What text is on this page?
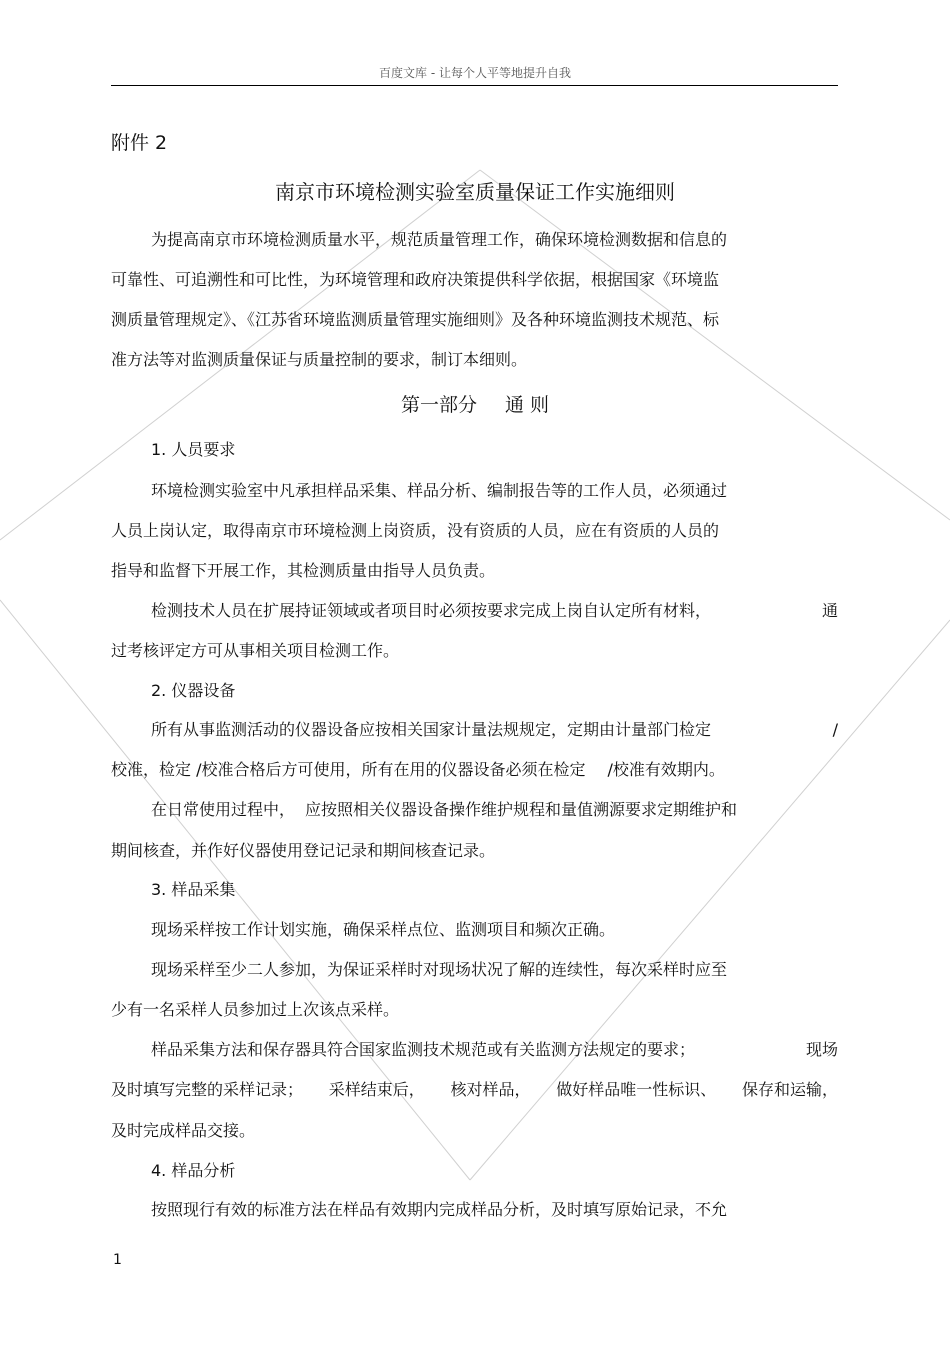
百度文库 - 让每个人平等地提升自我
附件 2
南京市环境检测实验室质量保证工作实施细则
为提高南京市环境检测质量水平，规范质量管理工作，确保环境检测数据和信息的
可靠性、可追溯性和可比性，为环境管理和政府决策提供科学依据，根据国家《环境监
测质量管理规定》、《江苏省环境监测质量管理实施细则》及各种环境监测技术规范、标
准方法等对监测质量保证与质量控制的要求，制订本细则。
第一部分 通 则
1. 人员要求
环境检测实验室中凡承担样品采集、样品分析、编制报告等的工作人员，必须通过
人员上岗认定，取得南京市环境检测上岗资质，没有资质的人员，应在有资质的人员的
指导和监督下开展工作，其检测质量由指导人员负责。
检测技术人员在扩展持证领域或者项目时必须按要求完成上岗自认定所有材料，	通
过考核评定方可从事相关项目检测工作。
2. 仪器设备
所有从事监测活动的仪器设备应按相关国家计量法规规定，定期由计量部门检定	/
校准，检定 /校准合格后方可使用，所有在用的仪器设备必须在检定 /校准有效期内。
在日常使用过程中， 应按照相关仪器设备操作维护规程和量值溯源要求定期维护和
期间核查，并作好仪器使用登记记录和期间核查记录。
3. 样品采集
现场采样按工作计划实施，确保采样点位、监测项目和频次正确。
现场采样至少二人参加，为保证采样时对现场状况了解的连续性，每次采样时应至
少有一名采样人员参加过上次该点采样。
样品采集方法和保存器具符合国家监测技术规范或有关监测方法规定的要求；	现场
及时填写完整的采样记录； 采样结束后， 核对样品， 做好样品唯一性标识、 保存和运输，
及时完成样品交接。
4. 样品分析
按照现行有效的标准方法在样品有效期内完成样品分析，及时填写原始记录，不允
1
